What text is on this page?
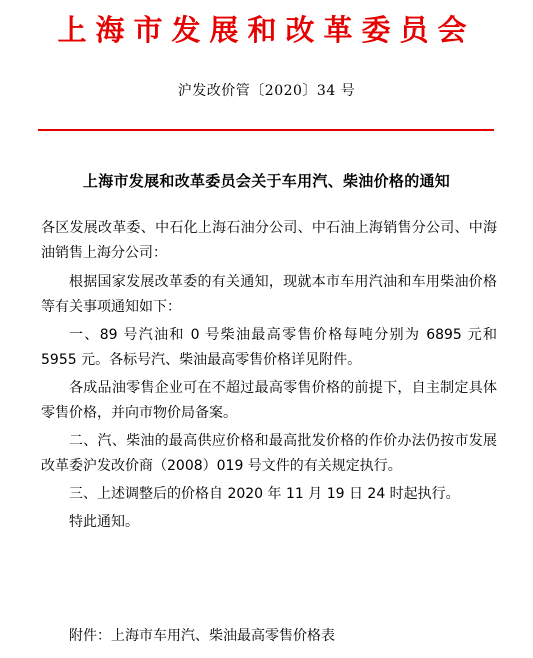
上海市发展和改革委员会
沪发改价管〔2020〕34 号
上海市发展和改革委员会关于车用汽、柴油价格的通知

各区发展改革委、中石化上海石油分公司、中石油上海销售分公司、中海油销售上海分公司：

根据国家发展改革委的有关通知，现就本市车用汽油和车用柴油价格等有关事项通知如下：

一、89 号汽油和 0 号柴油最高零售价格每吨分别为 6895 元和 5955 元。各标号汽、柴油最高零售价格详见附件。

各成品油零售企业可在不超过最高零售价格的前提下，自主制定具体零售价格，并向市物价局备案。

二、汽、柴油的最高供应价格和最高批发价格的作价办法仍按市发展改革委沪发改价商（2008）019 号文件的有关规定执行。

三、上述调整后的价格自 2020 年 11 月 19 日 24 时起执行。

特此通知。

附件：上海市车用汽、柴油最高零售价格表
